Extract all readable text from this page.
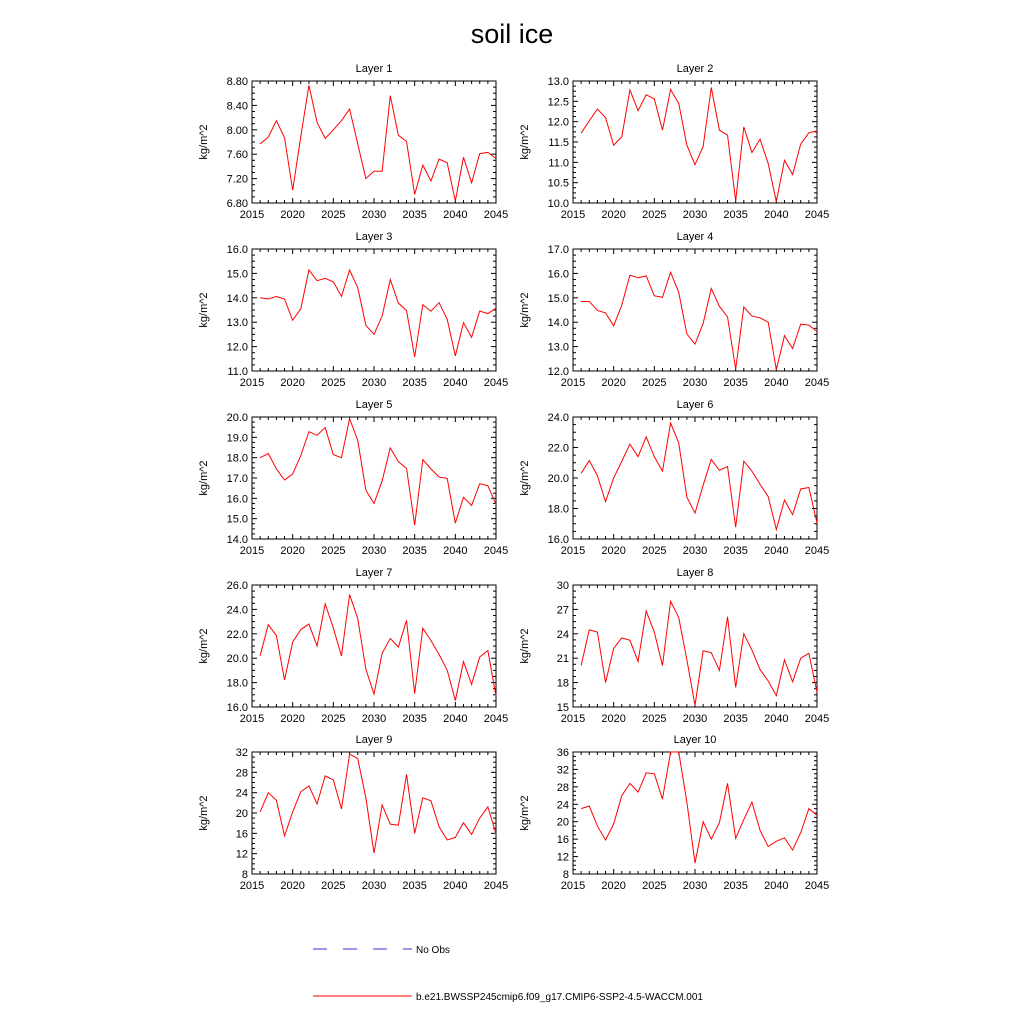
soil ice
Layer 1
2015 2020 2025 2030 2035 2040 2045
6.80
7.20
7.60
8.00
8.40
8.80
kg/m^2
Layer 2
2015 2020 2025 2030 2035 2040 2045
10.0
10.5
11.0
11.5
12.0
12.5
13.0
kg/m^2
Layer 3
2015 2020 2025 2030 2035 2040 2045
11.0
12.0
13.0
14.0
15.0
16.0
kg/m^2
Layer 4
2015 2020 2025 2030 2035 2040 2045
12.0
13.0
14.0
15.0
16.0
17.0
kg/m^2
Layer 5
2015 2020 2025 2030 2035 2040 2045
14.0
15.0
16.0
17.0
18.0
19.0
20.0
kg/m^2
Layer 6
2015 2020 2025 2030 2035 2040 2045
16.0
18.0
20.0
22.0
24.0
kg/m^2
Layer 7
2015 2020 2025 2030 2035 2040 2045
16.0
18.0
20.0
22.0
24.0
26.0
kg/m^2
Layer 8
2015 2020 2025 2030 2035 2040 2045
15
18
21
24
27
30
kg/m^2
Layer 9
2015 2020 2025 2030 2035 2040 2045
8
12
16
20
24
28
32
kg/m^2
Layer 10
2015 2020 2025 2030 2035 2040 2045
8
12
16
20
24
28
32
36
kg/m^2
No Obs
b.e21.BWSSP245cmip6.f09_g17.CMIP6-SSP2-4.5-WACCM.001
